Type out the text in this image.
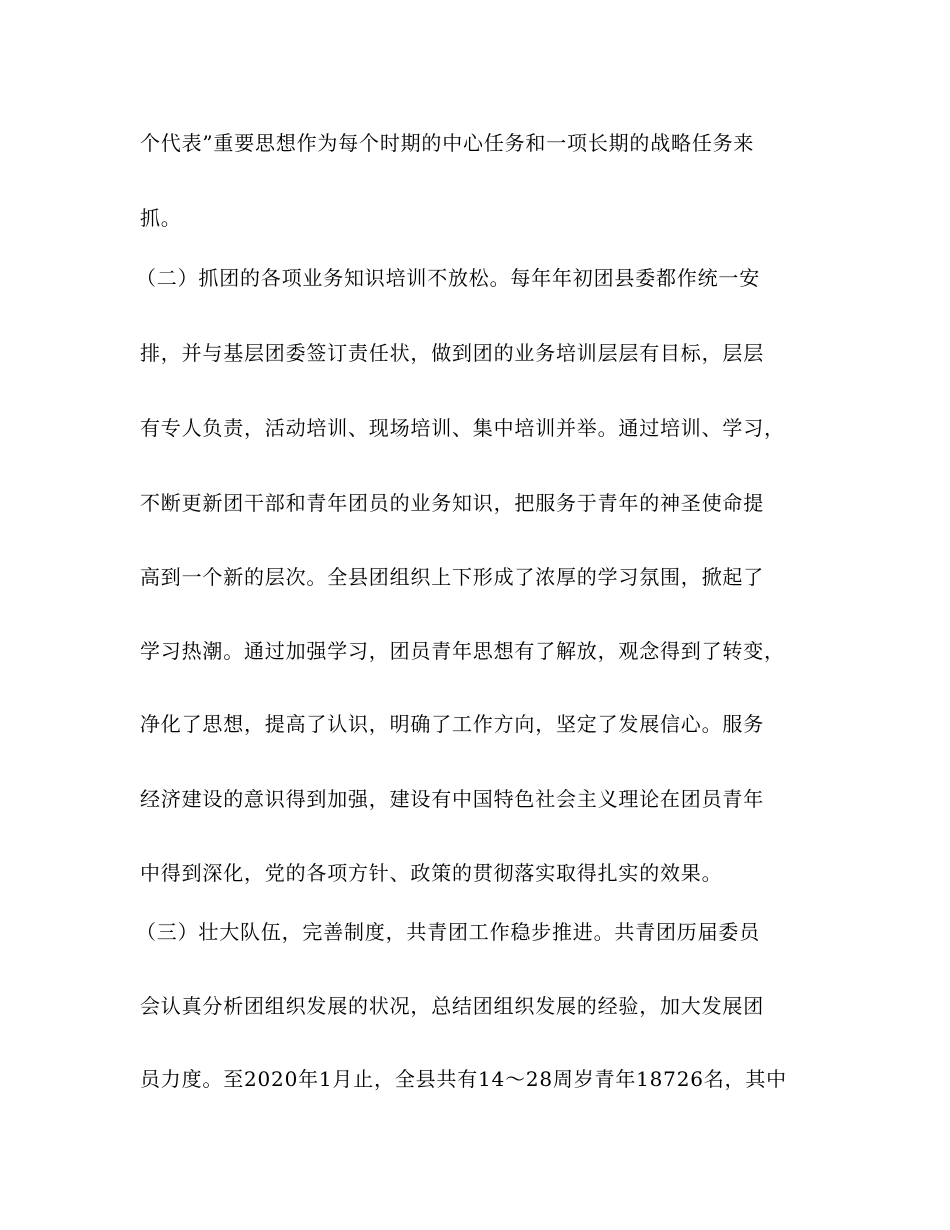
个代表”重要思想作为每个时期的中心任务和一项长期的战略任务来
抓。
（二）抓团的各项业务知识培训不放松。每年年初团县委都作统一安
排，并与基层团委签订责任状，做到团的业务培训层层有目标，层层
有专人负责，活动培训、现场培训、集中培训并举。通过培训、学习，
不断更新团干部和青年团员的业务知识，把服务于青年的神圣使命提
高到一个新的层次。全县团组织上下形成了浓厚的学习氛围，掀起了
学习热潮。通过加强学习，团员青年思想有了解放，观念得到了转变，
净化了思想，提高了认识，明确了工作方向，坚定了发展信心。服务
经济建设的意识得到加强，建设有中国特色社会主义理论在团员青年
中得到深化，党的各项方针、政策的贯彻落实取得扎实的效果。
（三）壮大队伍，完善制度，共青团工作稳步推进。共青团历届委员
会认真分析团组织发展的状况，总结团组织发展的经验，加大发展团
员力度。至2020年1月止，全县共有14～28周岁青年18726名，其中
